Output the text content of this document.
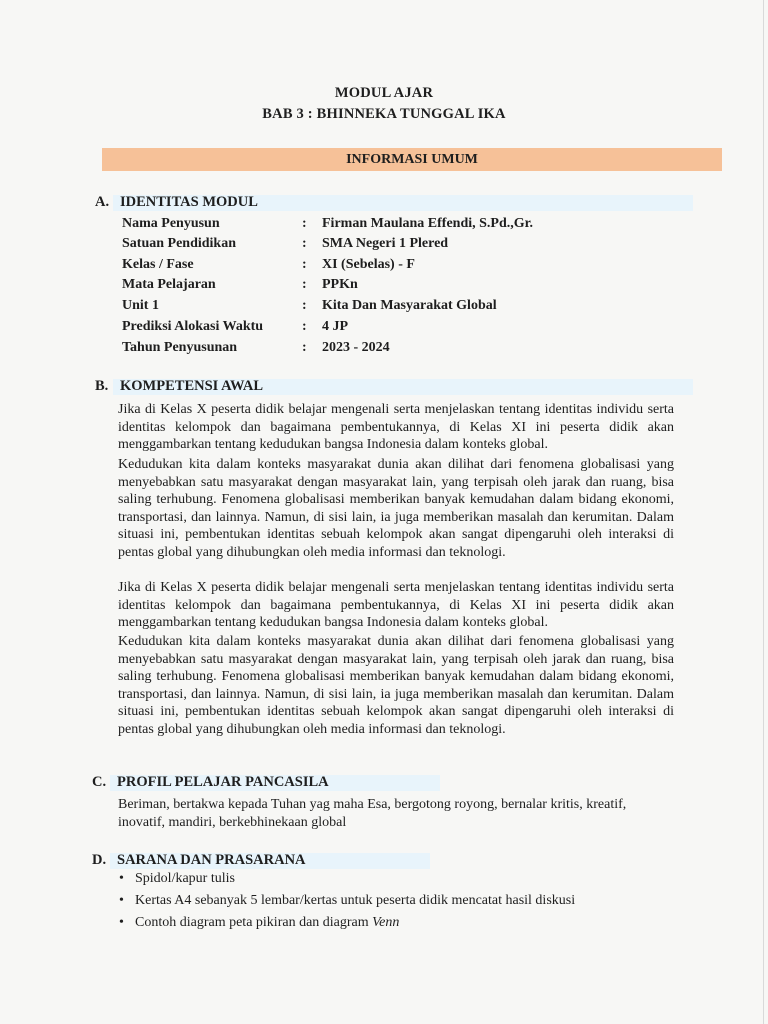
MODUL AJAR
BAB 3 : BHINNEKA TUNGGAL IKA
INFORMASI UMUM
A. IDENTITAS MODUL
Nama Penyusun	: Firman Maulana Effendi, S.Pd.,Gr.
Satuan Pendidikan	: SMA Negeri 1 Plered
Kelas / Fase	: XI (Sebelas) - F
Mata Pelajaran	: PPKn
Unit 1	: Kita Dan Masyarakat Global
Prediksi Alokasi Waktu	: 4 JP
Tahun Penyusunan	: 2023 - 2024
B. KOMPETENSI AWAL
Jika di Kelas X peserta didik belajar mengenali serta menjelaskan tentang identitas individu serta identitas kelompok dan bagaimana pembentukannya, di Kelas XI ini peserta didik akan menggambarkan tentang kedudukan bangsa Indonesia dalam konteks global.
Kedudukan kita dalam konteks masyarakat dunia akan dilihat dari fenomena globalisasi yang menyebabkan satu masyarakat dengan masyarakat lain, yang terpisah oleh jarak dan ruang, bisa saling terhubung. Fenomena globalisasi memberikan banyak kemudahan dalam bidang ekonomi, transportasi, dan lainnya. Namun, di sisi lain, ia juga memberikan masalah dan kerumitan. Dalam situasi ini, pembentukan identitas sebuah kelompok akan sangat dipengaruhi oleh interaksi di pentas global yang dihubungkan oleh media informasi dan teknologi.
Jika di Kelas X peserta didik belajar mengenali serta menjelaskan tentang identitas individu serta identitas kelompok dan bagaimana pembentukannya, di Kelas XI ini peserta didik akan menggambarkan tentang kedudukan bangsa Indonesia dalam konteks global.
Kedudukan kita dalam konteks masyarakat dunia akan dilihat dari fenomena globalisasi yang menyebabkan satu masyarakat dengan masyarakat lain, yang terpisah oleh jarak dan ruang, bisa saling terhubung. Fenomena globalisasi memberikan banyak kemudahan dalam bidang ekonomi, transportasi, dan lainnya. Namun, di sisi lain, ia juga memberikan masalah dan kerumitan. Dalam situasi ini, pembentukan identitas sebuah kelompok akan sangat dipengaruhi oleh interaksi di pentas global yang dihubungkan oleh media informasi dan teknologi.
C. PROFIL PELAJAR PANCASILA
Beriman, bertakwa kepada Tuhan yag maha Esa, bergotong royong, bernalar kritis, kreatif, inovatif, mandiri, berkebhinekaan global
D. SARANA DAN PRASARANA
• Spidol/kapur tulis
• Kertas A4 sebanyak 5 lembar/kertas untuk peserta didik mencatat hasil diskusi
• Contoh diagram peta pikiran dan diagram Venn
